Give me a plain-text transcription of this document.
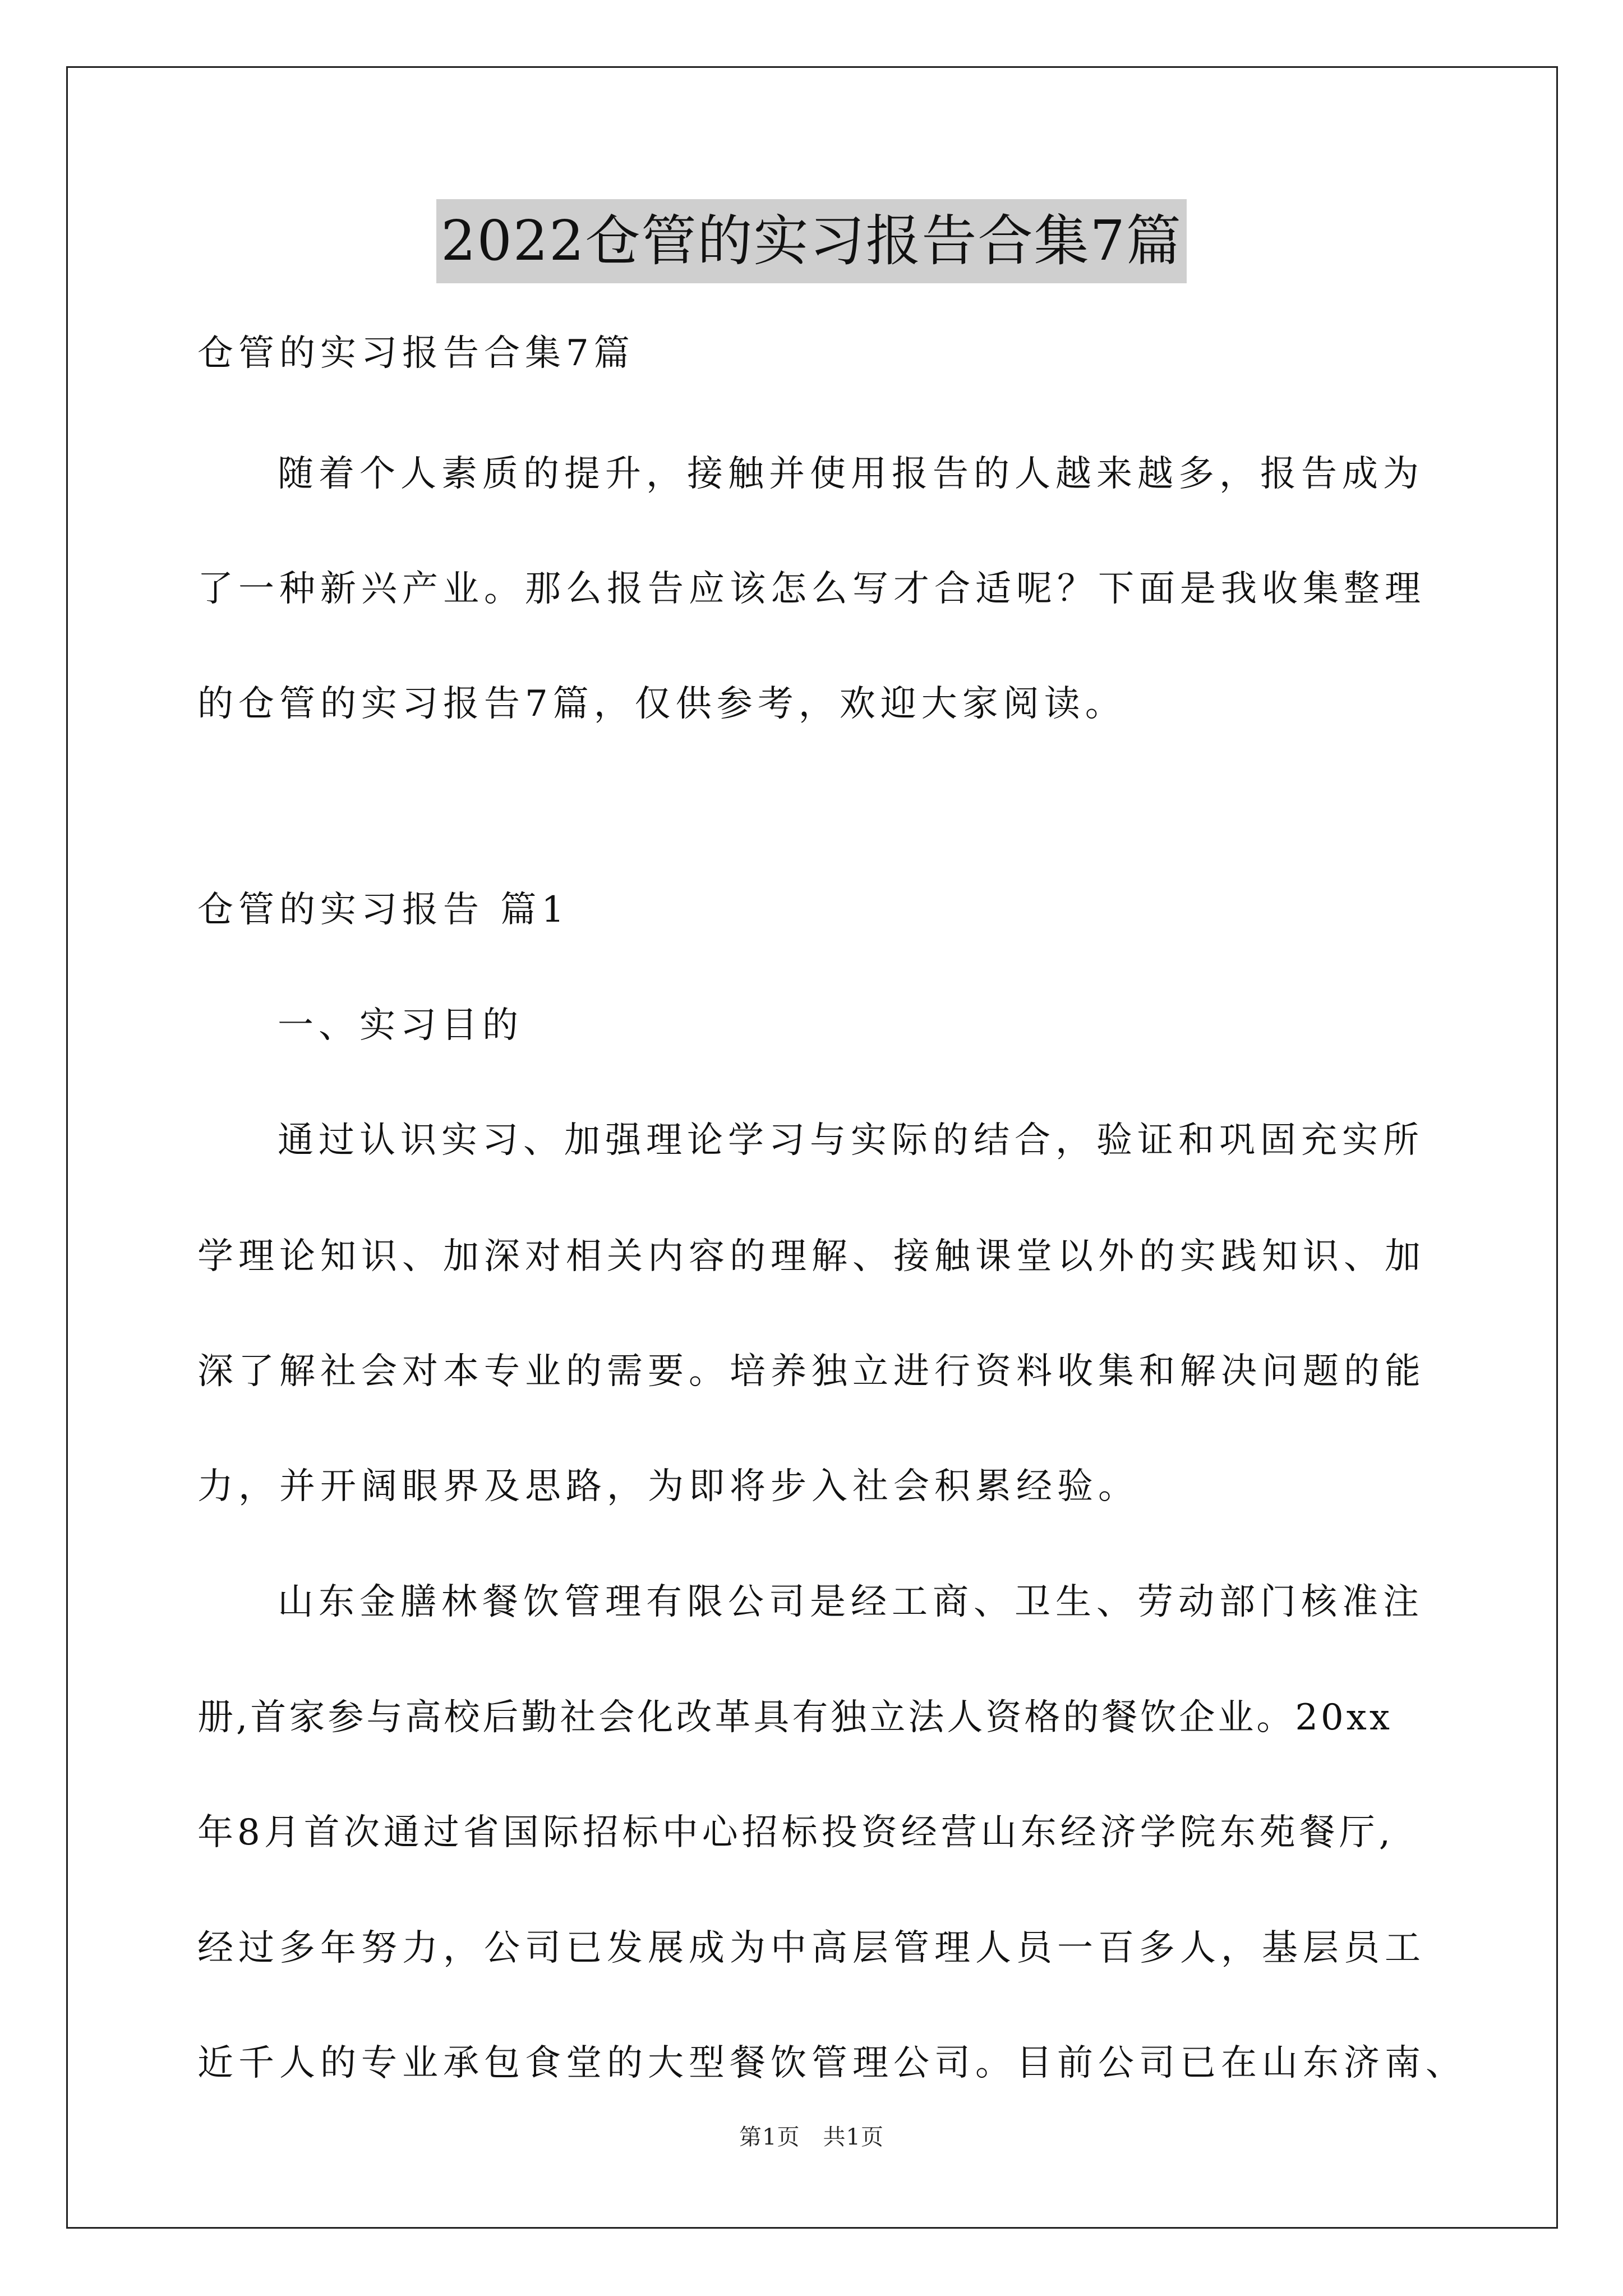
2022仓管的实习报告合集7篇
仓管的实习报告合集7篇
随着个人素质的提升，接触并使用报告的人越来越多，报告成为
了一种新兴产业。那么报告应该怎么写才合适呢？下面是我收集整理
的仓管的实习报告7篇，仅供参考，欢迎大家阅读。
仓管的实习报告 篇1
一、实习目的
通过认识实习、加强理论学习与实际的结合，验证和巩固充实所
学理论知识、加深对相关内容的理解、接触课堂以外的实践知识、加
深了解社会对本专业的需要。培养独立进行资料收集和解决问题的能
力，并开阔眼界及思路，为即将步入社会积累经验。
山东金膳林餐饮管理有限公司是经工商、卫生、劳动部门核准注
册,首家参与高校后勤社会化改革具有独立法人资格的餐饮企业。20xx
年8月首次通过省国际招标中心招标投资经营山东经济学院东苑餐厅,
经过多年努力，公司已发展成为中高层管理人员一百多人，基层员工
近千人的专业承包食堂的大型餐饮管理公司。目前公司已在山东济南、
第1页　共1页
